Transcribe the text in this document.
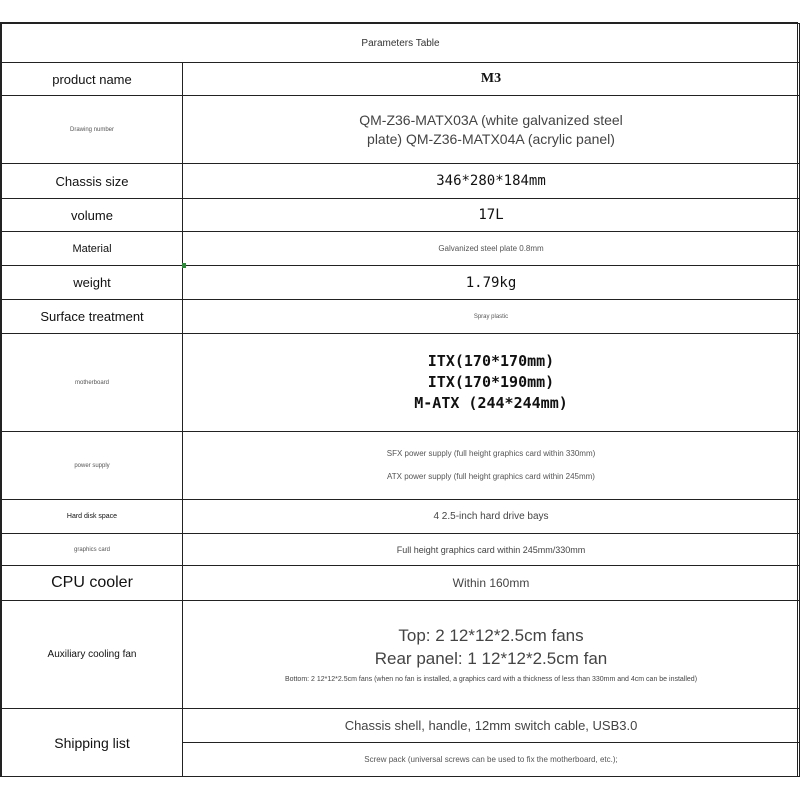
Parameters Table	
product name	M3
Drawing number	QM-Z36-MATX03A (white galvanized steel
plate) QM-Z36-MATX04A (acrylic panel)

Chassis size	346*280*184mm
volume	17L
Material	Galvanized steel plate 0.8mm
weight	1.79kg
Surface treatment	Spray plastic
motherboard	ITX(170*170mm)
ITX(170*190mm)
M-ATX (244*244mm)

power supply	SFX power supply (full height graphics card within 330mm)
ATX power supply (full height graphics card within 245mm)

Hard disk space	4 2.5-inch hard drive bays
graphics card	Full height graphics card within 245mm/330mm
CPU cooler	Within 160mm
Auxiliary cooling fan	Top: 2 12*12*2.5cm fans
Rear panel: 1 12*12*2.5cm fan
Bottom: 2 12*12*2.5cm fans (when no fan is installed, a graphics card with a thickness of less than 330mm and 4cm can be installed)

Shipping list	Chassis shell, handle, 12mm switch cable, USB3.0
	Screw pack (universal screws can be used to fix the motherboard, etc.);
